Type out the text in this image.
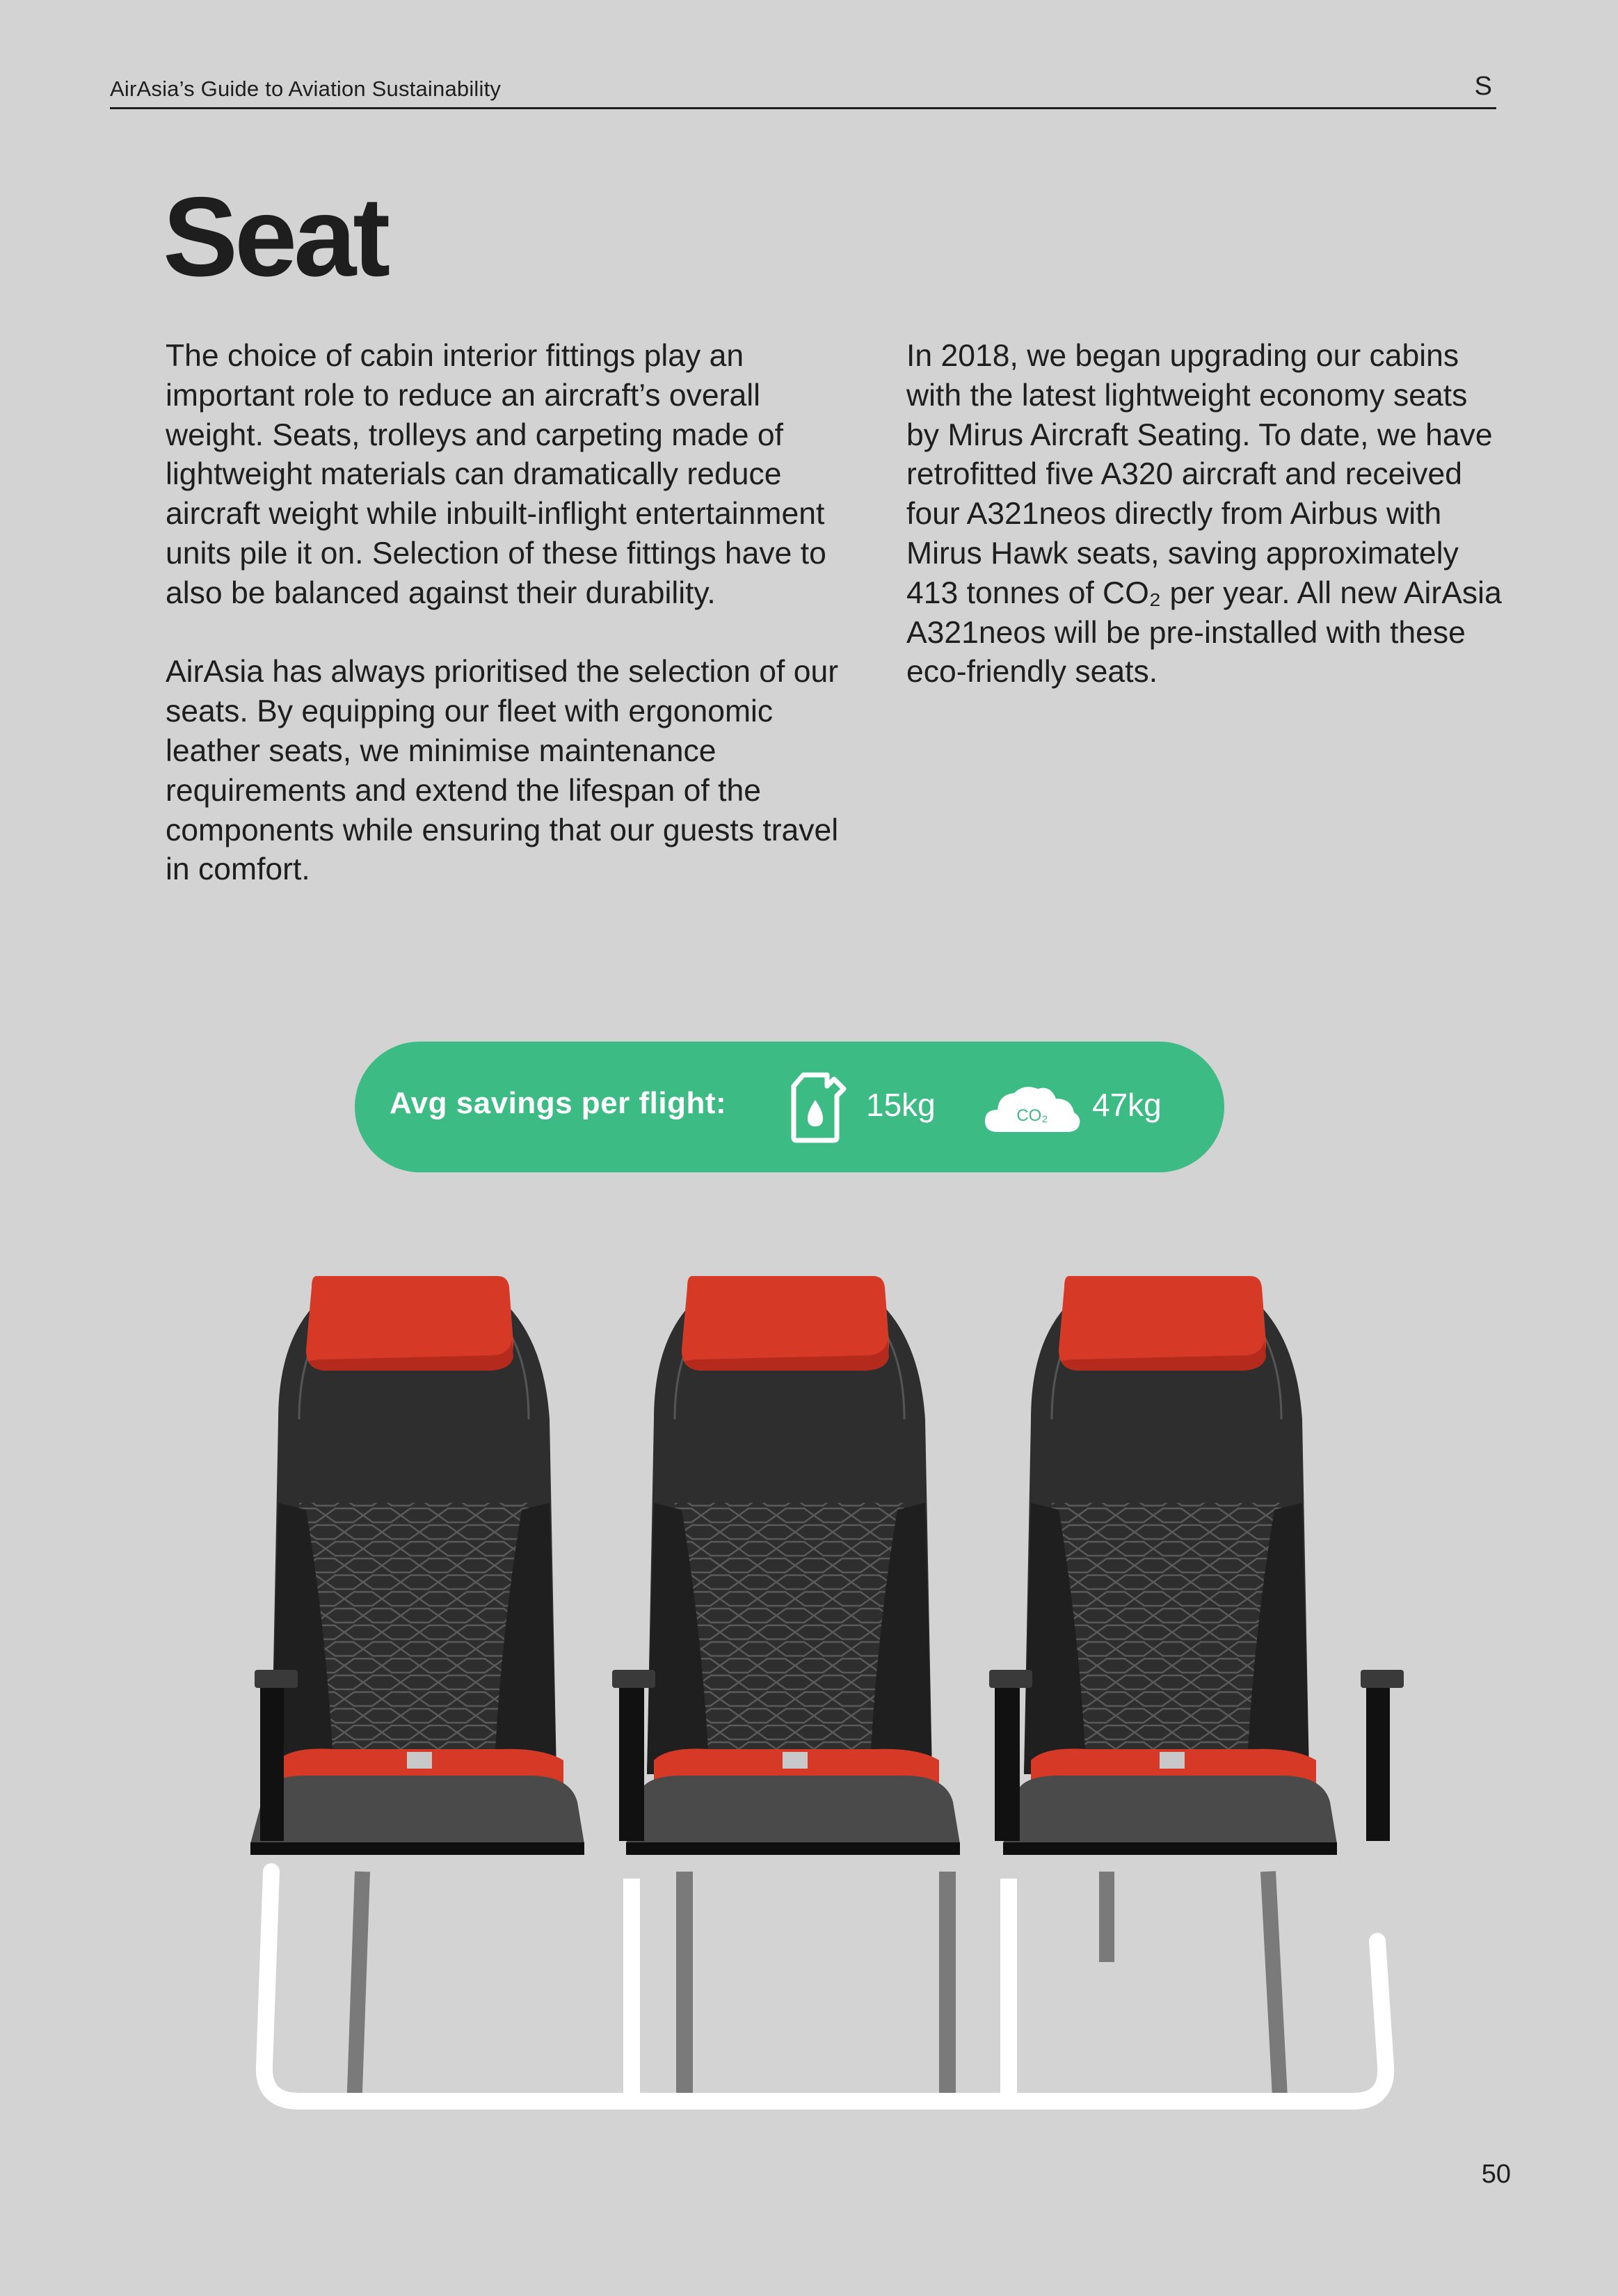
AirAsia’s Guide to Aviation Sustainability	S
Seat

The choice of cabin interior fittings play an important role to reduce an aircraft’s overall weight. Seats, trolleys and carpeting made of lightweight materials can dramatically reduce aircraft weight while inbuilt-inflight entertainment units pile it on. Selection of these fittings have to also be balanced against their durability.

AirAsia has always prioritised the selection of our seats. By equipping our fleet with ergonomic leather seats, we minimise maintenance requirements and extend the lifespan of the components while ensuring that our guests travel in comfort.

In 2018, we began upgrading our cabins with the latest lightweight economy seats by Mirus Aircraft Seating. To date, we have retrofitted five A320 aircraft and received four A321neos directly from Airbus with Mirus Hawk seats, saving approximately 413 tonnes of CO₂ per year. All new AirAsia A321neos will be pre-installed with these eco-friendly seats.

Avg savings per flight:	15kg	CO₂ 47kg
50
